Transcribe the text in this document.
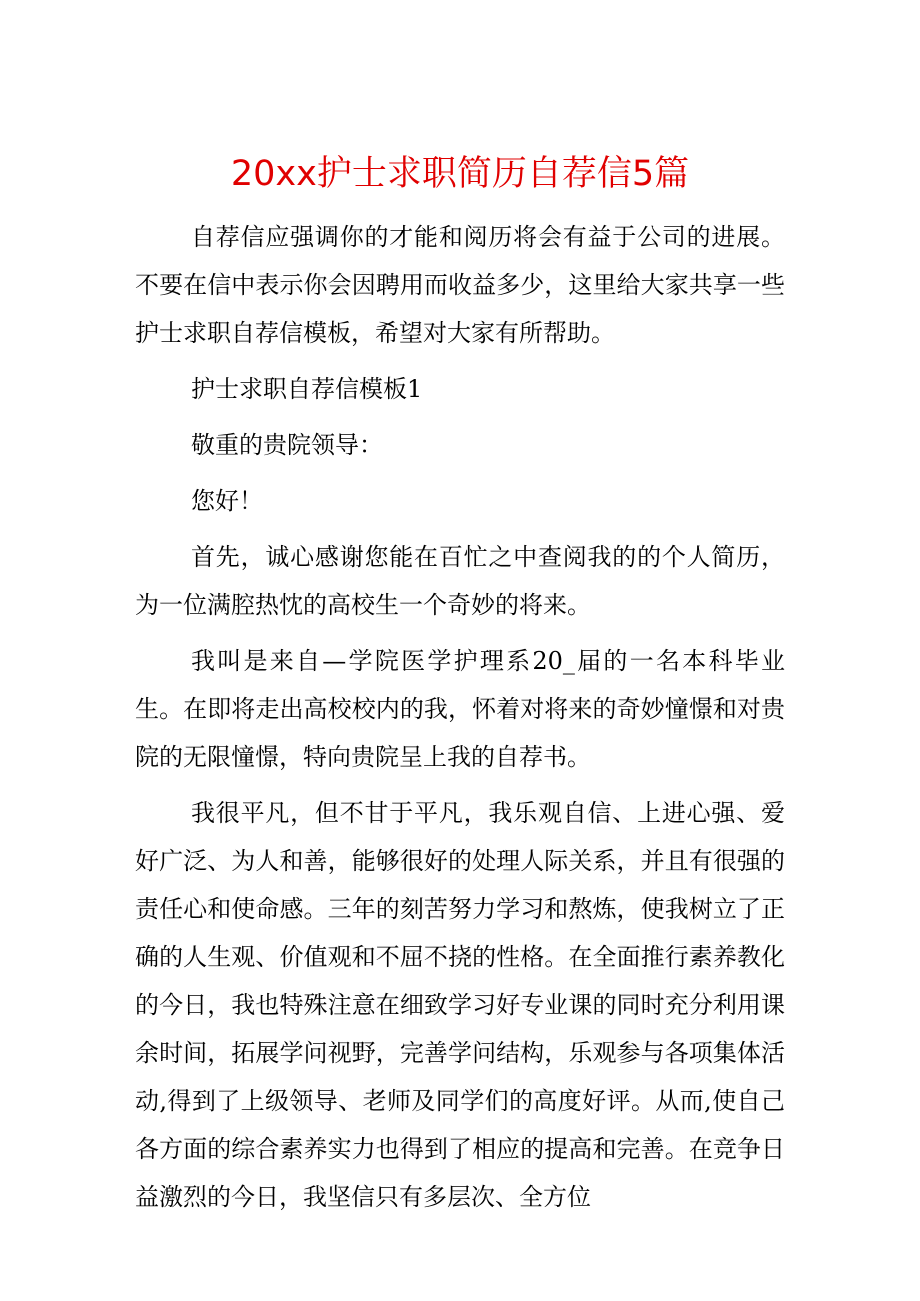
20xx护士求职简历自荐信5篇

自荐信应强调你的才能和阅历将会有益于公司的进展。不要在信中表示你会因聘用而收益多少，这里给大家共享一些护士求职自荐信模板，希望对大家有所帮助。

护士求职自荐信模板1

敬重的贵院领导：

您好！

首先，诚心感谢您能在百忙之中查阅我的的个人简历，为一位满腔热忱的高校生一个奇妙的将来。

我叫是来自—学院医学护理系20_届的一名本科毕业生。在即将走出高校校内的我，怀着对将来的奇妙憧憬和对贵院的无限憧憬，特向贵院呈上我的自荐书。

我很平凡，但不甘于平凡，我乐观自信、上进心强、爱好广泛、为人和善，能够很好的处理人际关系，并且有很强的责任心和使命感。三年的刻苦努力学习和熬炼，使我树立了正确的人生观、价值观和不屈不挠的性格。在全面推行素养教化的今日，我也特殊注意在细致学习好专业课的同时充分利用课余时间，拓展学问视野，完善学问结构，乐观参与各项集体活动,得到了上级领导、老师及同学们的高度好评。从而,使自己各方面的综合素养实力也得到了相应的提高和完善。在竞争日益激烈的今日，我坚信只有多层次、全方位
